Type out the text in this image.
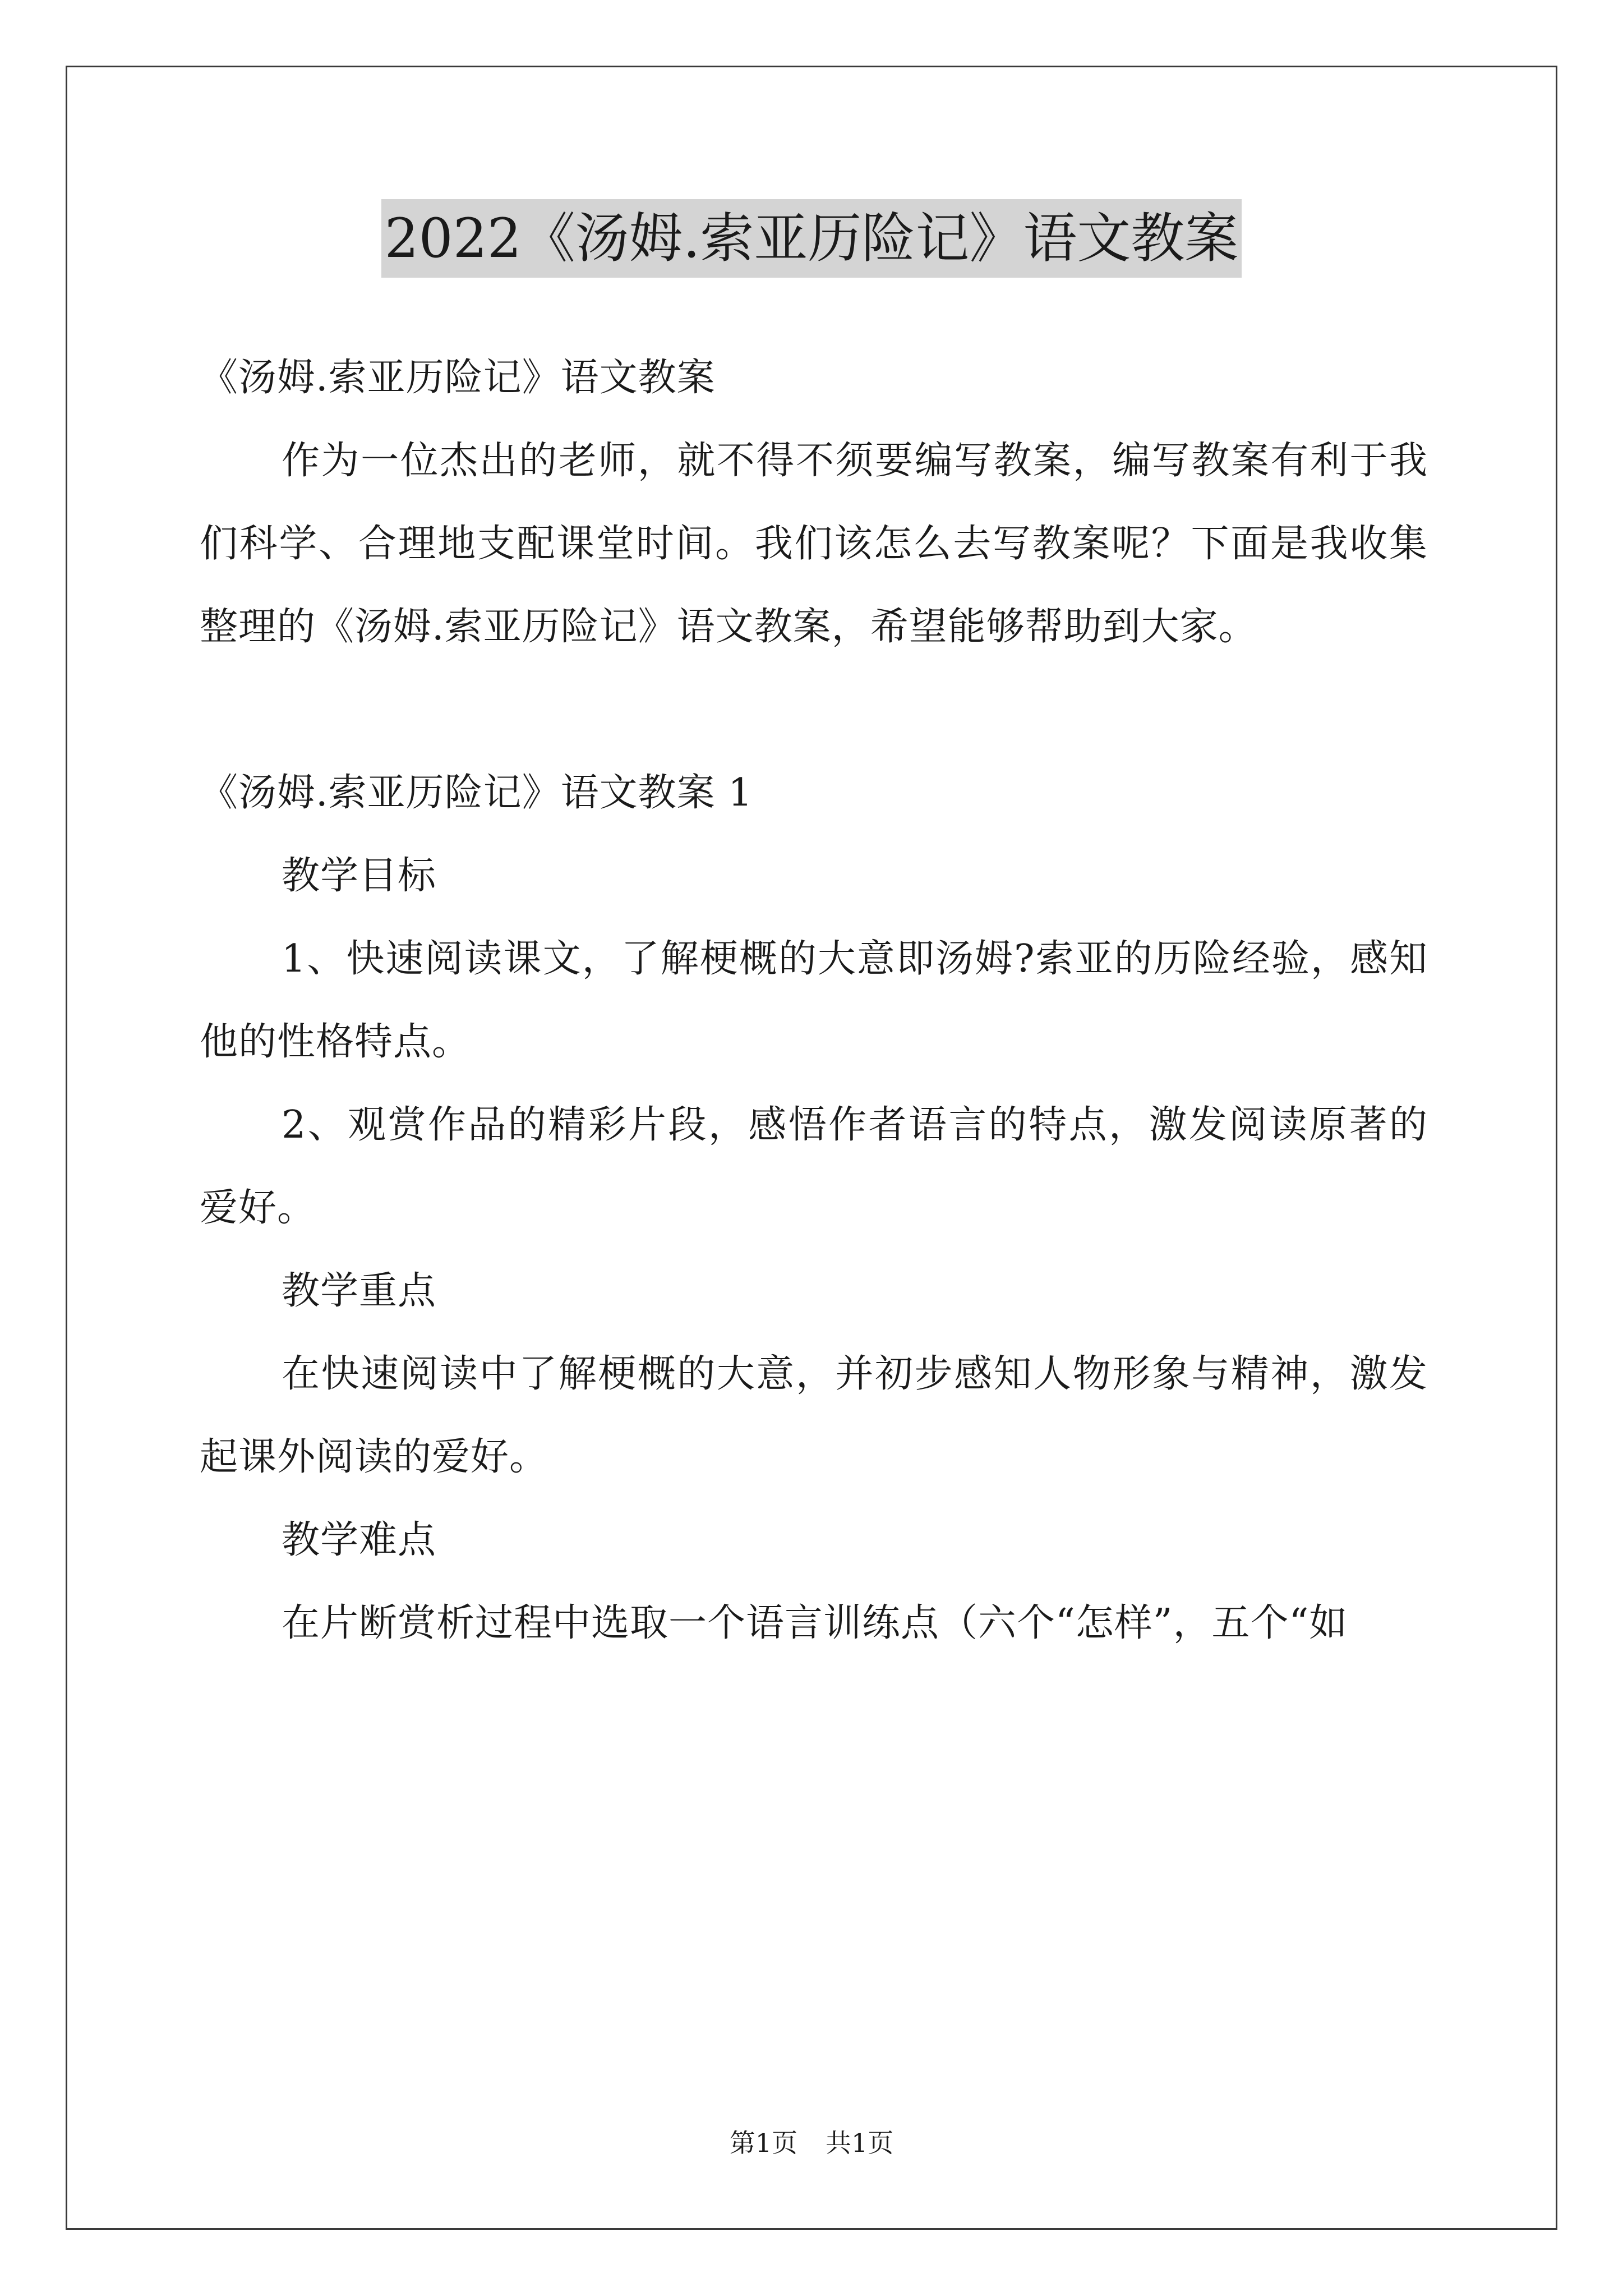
2022《汤姆.索亚历险记》语文教案

《汤姆.索亚历险记》语文教案

作为一位杰出的老师，就不得不须要编写教案，编写教案有利于我们科学、合理地支配课堂时间。我们该怎么去写教案呢？下面是我收集整理的《汤姆.索亚历险记》语文教案，希望能够帮助到大家。

《汤姆.索亚历险记》语文教案 1

教学目标

1、快速阅读课文，了解梗概的大意即汤姆?索亚的历险经验，感知他的性格特点。

2、观赏作品的精彩片段，感悟作者语言的特点，激发阅读原著的爱好。

教学重点

在快速阅读中了解梗概的大意，并初步感知人物形象与精神，激发起课外阅读的爱好。

教学难点

在片断赏析过程中选取一个语言训练点（六个“怎样”，五个“如

第1页 共1页
